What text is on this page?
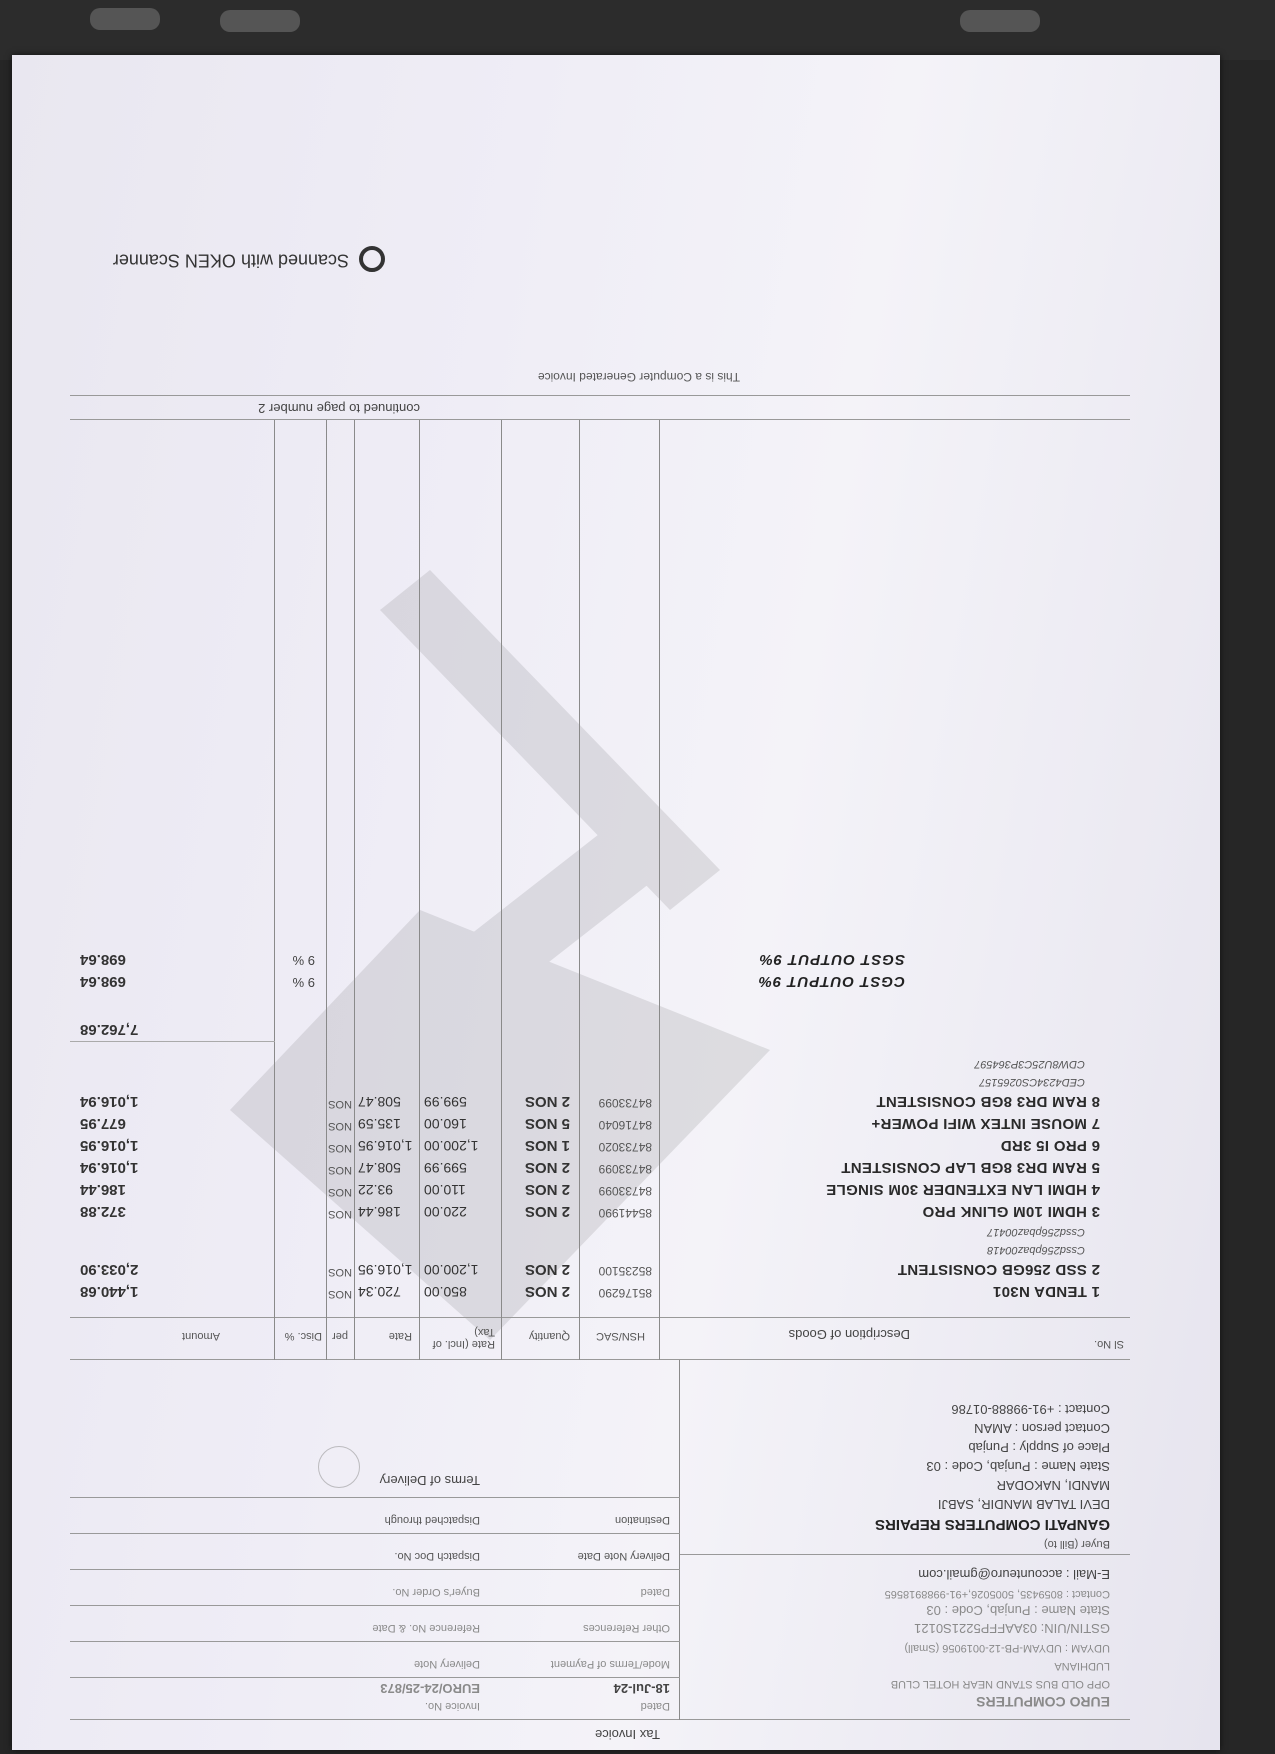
Tax Invoice
EURO COMPUTERS
OPP OLD BUS STAND NEAR HOTEL CLUB
LUDHIANA
UDYAM : UDYAM-PB-12-0019056 (Small)
GSTIN/UIN: 03AAFFP5221S0121
State Name : Punjab, Code : 03
Contact : 8059435, 5005026,+91-9988918565
E-Mail : accounteuro@gmail.com
Dated
18-Jul-24
Invoice No.
EURO/24-25/873
Mode/Terms of Payment
Delivery Note
Other References
Reference No. & Date
Dated
Buyer's Order No.
Delivery Note Date
Dispatch Doc No.
Destination
Dispatched through
Terms of Delivery
Buyer (Bill to)
GANPATI COMPUTERS REPAIRS
DEVI TALAB MANDIR, SABJI
MANDI, NAKODAR
State Name : Punjab, Code : 03
Place of Supply : Punjab
Contact person : AMAN
Contact : +91-99888-01786
Sl No.
Description of Goods
HSN/SAC
Quantity
Rate (Incl. of Tax)
Rate
per
Disc. %
Amount
1 TENDA N301
85176290
2 NOS
850.00
720.34
NOS
1,440.68
2 SSD 256GB CONSISTENT
85235100
2 NOS
1,200.00
1,016.95
NOS
2,033.90
Cssd256pbaz00418
Cssd256pbaz00417
3 HDMI 10M GLINK PRO
85441990
2 NOS
220.00
186.44
NOS
372.88
4 HDMI LAN EXTENDER 30M SINGLE
84733099
2 NOS
110.00
93.22
NOS
186.44
5 RAM DR3 8GB LAP CONSISTENT
84733099
2 NOS
599.99
508.47
NOS
1,016.94
6 PRO I5 3RD
84733020
1 NOS
1,200.00
1,016.95
NOS
1,016.95
7 MOUSE INTEX WIFI POWER+
84716040
5 NOS
160.00
135.59
NOS
677.95
8 RAM DR3 8GB CONSISTENT
84733099
2 NOS
599.99
508.47
NOS
1,016.94
CED4234CS0265157
CDW8U25C3P364597
7,762.68
CGST OUTPUT 9%
9 %
698.64
SGST OUTPUT 9%
9 %
698.64
continued to page number 2
This is a Computer Generated Invoice
Scanned with OKEN Scanner
